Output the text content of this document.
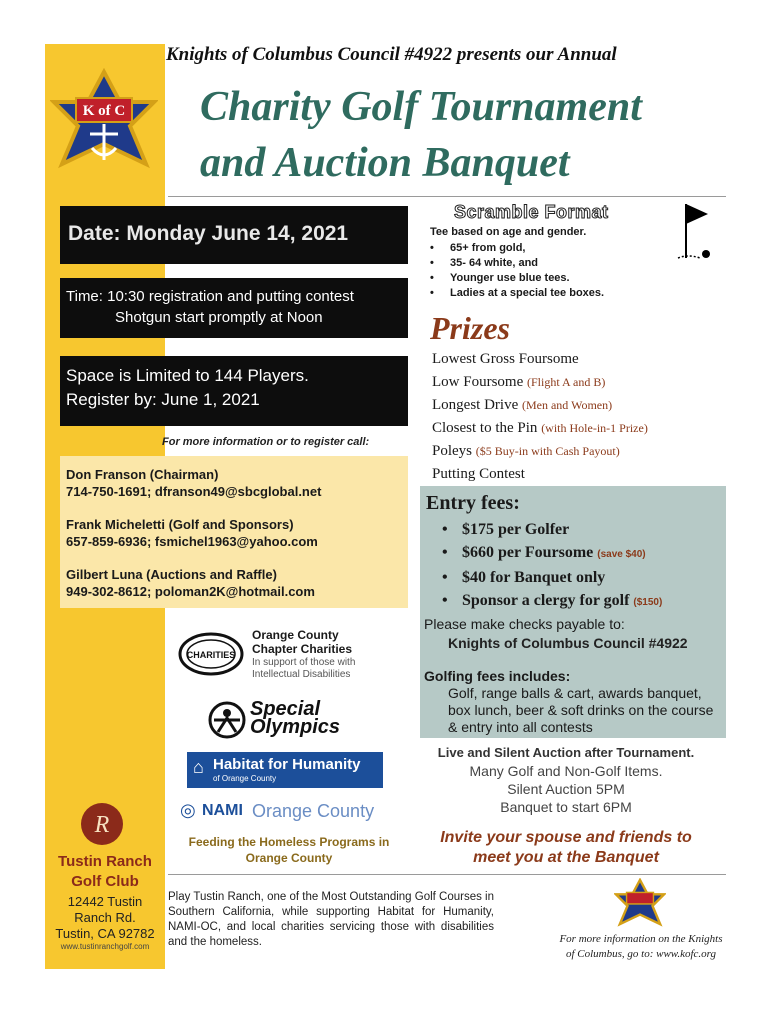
K of C
Knights of Columbus Council #4922 presents our Annual
Charity Golf Tournament
and Auction Banquet
Date: Monday June 14, 2021
Time: 10:30 registration and putting contest
Shotgun start promptly at Noon
Space is Limited to 144 Players.
Register by: June 1, 2021
For more information or to register call:
Don Franson (Chairman)
714-750-1691; dfranson49@sbcglobal.net
Frank Micheletti (Golf and Sponsors)
657-859-6936; fsmichel1963@yahoo.com
Gilbert Luna (Auctions and Raffle)
949-302-8612; poloman2K@hotmail.com
Scramble Format
Tee based on age and gender.
• 65+ from gold,
• 35- 64 white, and
• Younger use blue tees.
• Ladies at a special tee boxes.
Prizes
Lowest Gross Foursome
Low Foursome (Flight A and B)
Longest Drive (Men and Women)
Closest to the Pin (with Hole-in-1 Prize)
Poleys ($5 Buy-in with Cash Payout)
Putting Contest
Entry fees:
• $175 per Golfer
• $660 per Foursome (save $40)
• $40 for Banquet only
• Sponsor a clergy for golf ($150)
Please make checks payable to:
Knights of Columbus Council #4922
Golfing fees includes:
Golf, range balls & cart, awards banquet, box lunch, beer & soft drinks on the course & entry into all contests
Live and Silent Auction after Tournament.
Many Golf and Non-Golf Items.
Silent Auction 5PM
Banquet to start 6PM
Invite your spouse and friends to
meet you at the Banquet
CHARITIES
Orange County
Chapter Charities
In support of those with
Intellectual Disabilities
Special Olympics
⌂ Habitat for Humanity
of Orange County
◎ NAMI Orange County
Feeding the Homeless Programs in
Orange County
R
Tustin Ranch
Golf Club
12442 Tustin
Ranch Rd.
Tustin, CA 92782
www.tustinranchgolf.com
Play Tustin Ranch, one of the Most Outstanding Golf Courses in Southern California, while supporting Habitat for Humanity, NAMI-OC, and local charities servicing those with disabilities and the homeless.	For more information on the Knights
of Columbus, go to: www.kofc.org
